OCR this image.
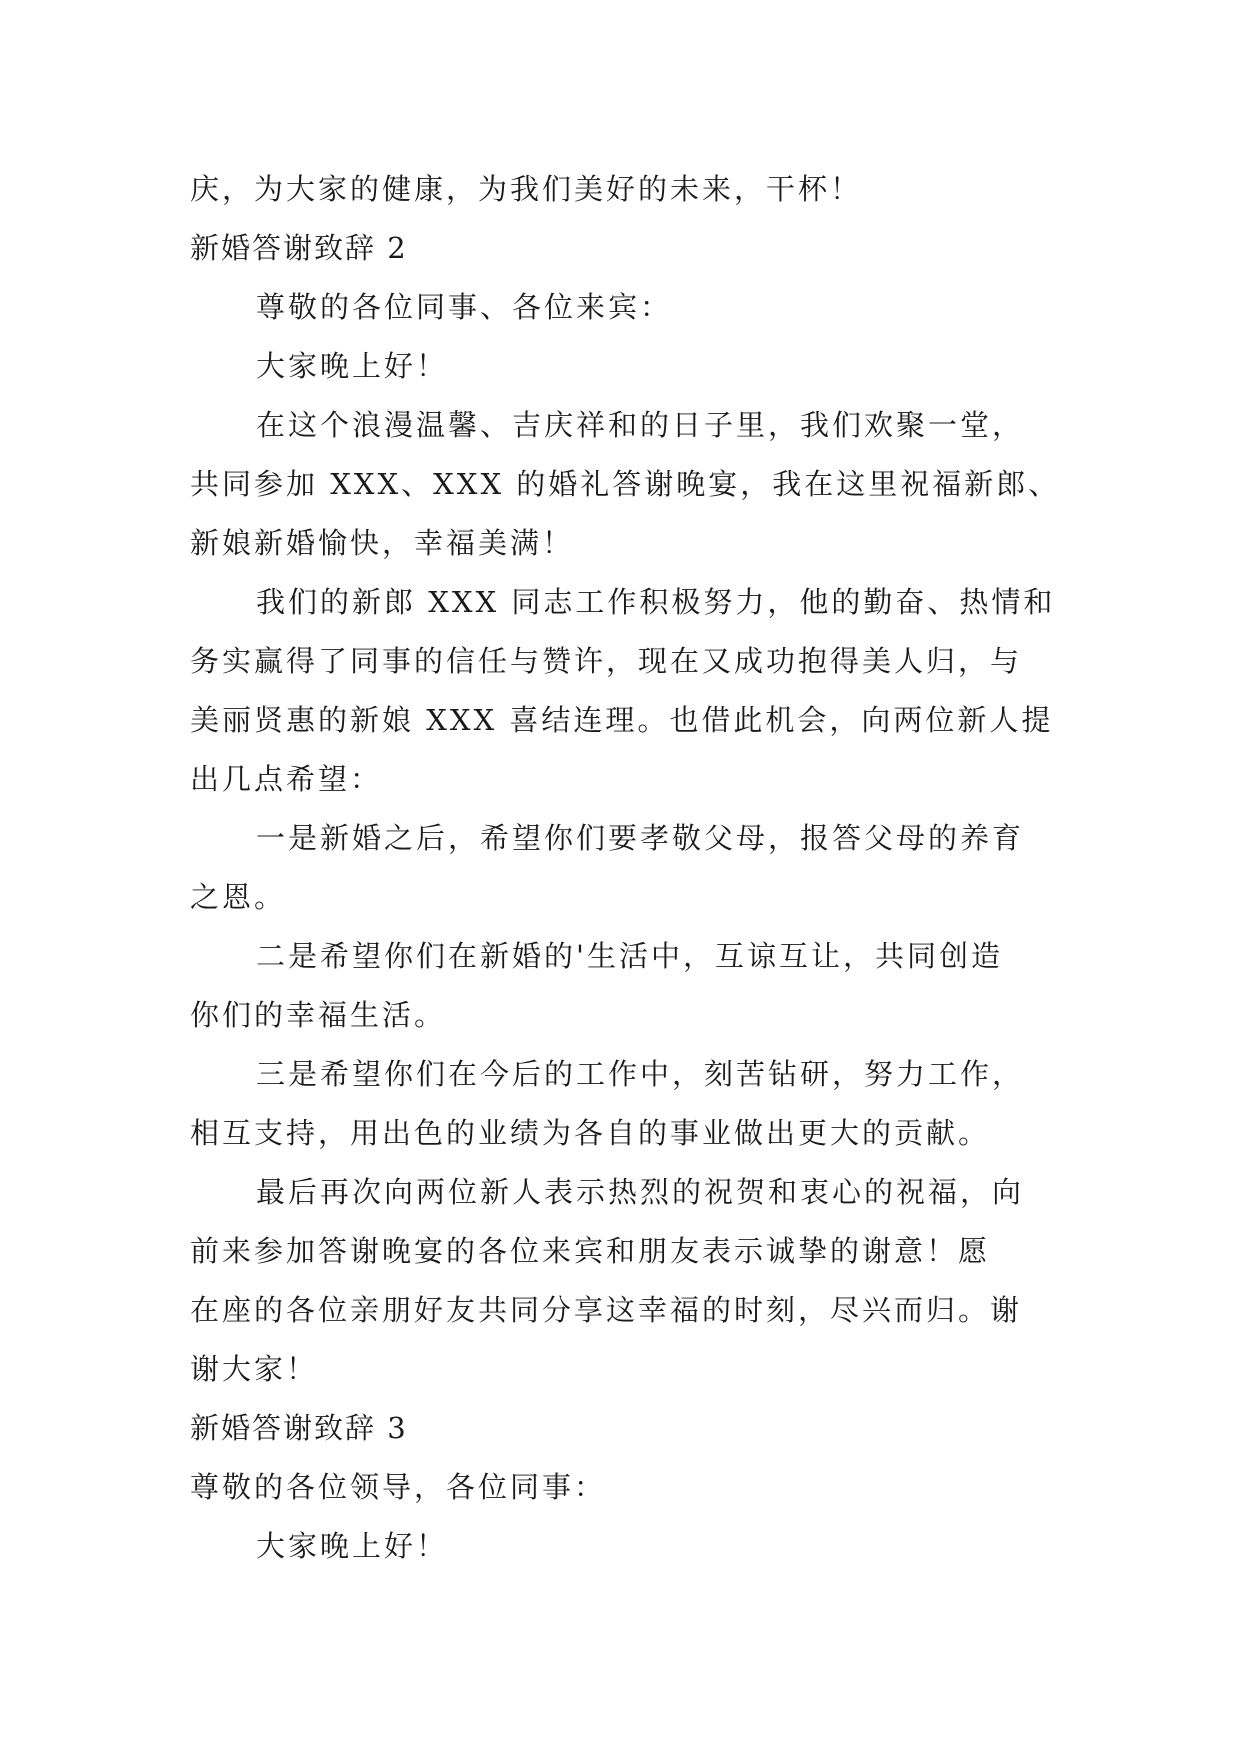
庆，为大家的健康，为我们美好的未来，干杯！
新婚答谢致辞 2
尊敬的各位同事、各位来宾：
大家晚上好！
在这个浪漫温馨、吉庆祥和的日子里，我们欢聚一堂，
共同参加 XXX、XXX 的婚礼答谢晚宴，我在这里祝福新郎、
新娘新婚愉快，幸福美满！
我们的新郎 XXX 同志工作积极努力，他的勤奋、热情和
务实赢得了同事的信任与赞许，现在又成功抱得美人归，与
美丽贤惠的新娘 XXX 喜结连理。也借此机会，向两位新人提
出几点希望：
一是新婚之后，希望你们要孝敬父母，报答父母的养育
之恩。
二是希望你们在新婚的'生活中，互谅互让，共同创造
你们的幸福生活。
三是希望你们在今后的工作中，刻苦钻研，努力工作，
相互支持，用出色的业绩为各自的事业做出更大的贡献。
最后再次向两位新人表示热烈的祝贺和衷心的祝福，向
前来参加答谢晚宴的各位来宾和朋友表示诚挚的谢意！愿
在座的各位亲朋好友共同分享这幸福的时刻，尽兴而归。谢
谢大家！
新婚答谢致辞 3
尊敬的各位领导，各位同事：
大家晚上好！
